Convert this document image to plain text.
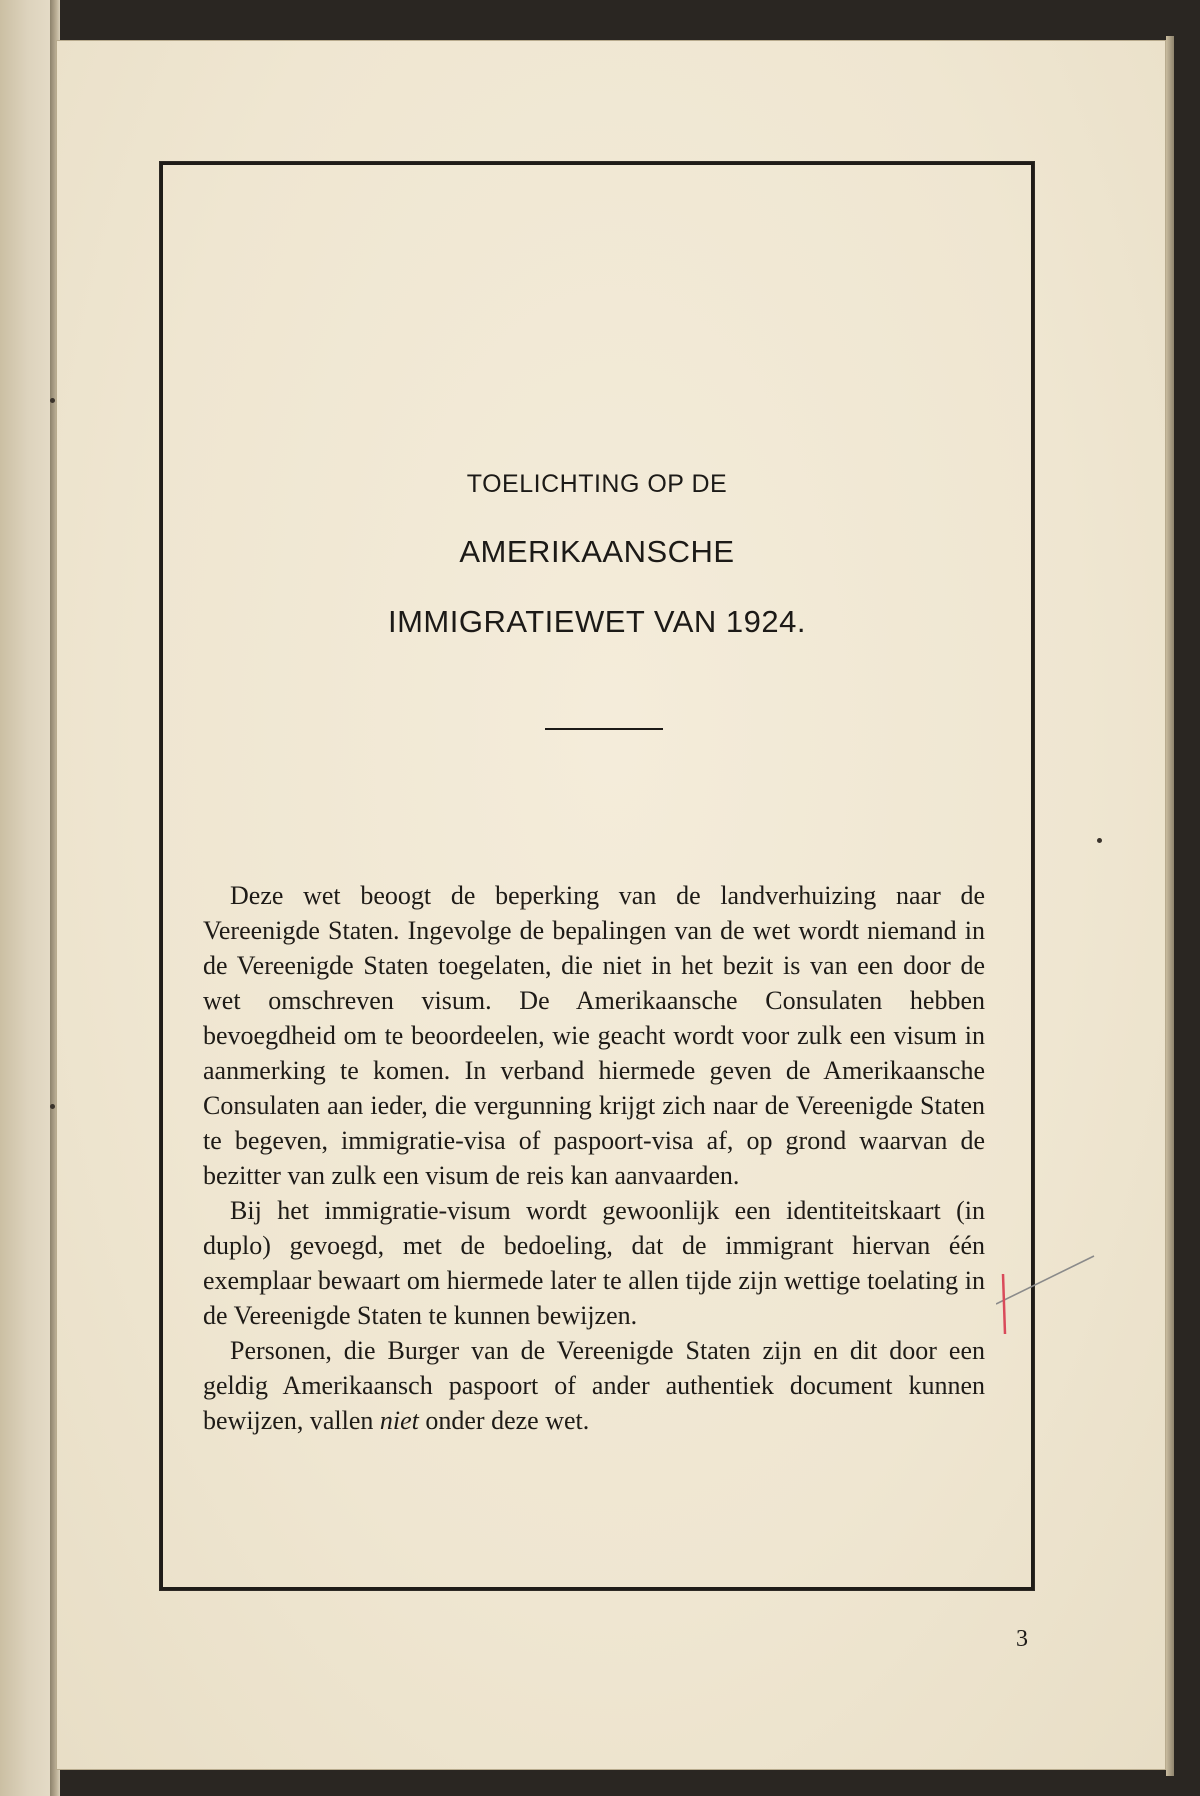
TOELICHTING OP DE
AMERIKAANSCHE
IMMIGRATIEWET VAN 1924.

Deze wet beoogt de beperking van de landverhuizing naar de Vereenigde Staten. Ingevolge de bepalingen van de wet wordt niemand in de Vereenigde Staten toegelaten, die niet in het bezit is van een door de wet omschreven visum. De Amerikaansche Consulaten hebben bevoegdheid om te beoordeelen, wie geacht wordt voor zulk een visum in aanmerking te komen. In verband hiermede geven de Amerikaansche Consulaten aan ieder, die vergunning krijgt zich naar de Vereenigde Staten te begeven, immigratie-visa of paspoort-visa af, op grond waarvan de bezitter van zulk een visum de reis kan aanvaarden.

Bij het immigratie-visum wordt gewoonlijk een identiteitskaart (in duplo) gevoegd, met de bedoeling, dat de immigrant hiervan één exemplaar bewaart om hiermede later te allen tijde zijn wettige toelating in de Vereenigde Staten te kunnen bewijzen.

Personen, die Burger van de Vereenigde Staten zijn en dit door een geldig Amerikaansch paspoort of ander authentiek document kunnen bewijzen, vallen niet onder deze wet.

3
